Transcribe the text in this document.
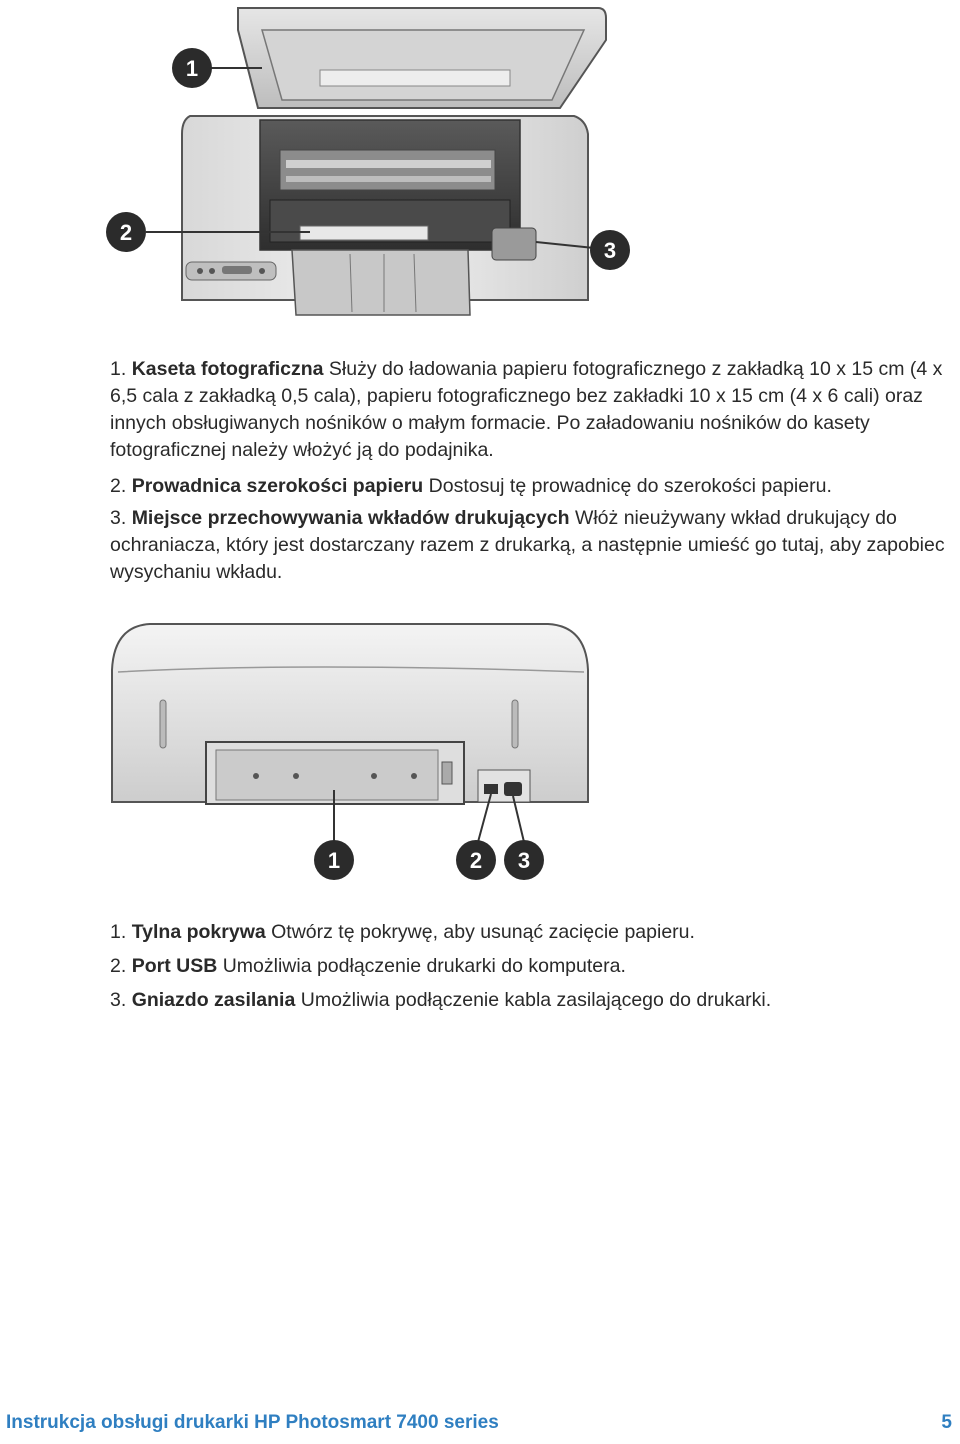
1
2
3
1. Kaseta fotograficzna Służy do ładowania papieru fotograficznego z zakładką 10 x 15 cm (4 x 6,5 cala z zakładką 0,5 cala), papieru fotograficznego bez zakładki 10 x 15 cm (4 x 6 cali) oraz innych obsługiwanych nośników o małym formacie. Po załadowaniu nośników do kasety fotograficznej należy włożyć ją do podajnika.
2. Prowadnica szerokości papieru Dostosuj tę prowadnicę do szerokości papieru.
3. Miejsce przechowywania wkładów drukujących Włóż nieużywany wkład drukujący do ochraniacza, który jest dostarczany razem z drukarką, a następnie umieść go tutaj, aby zapobiec wysychaniu wkładu.
1	2 3
1. Tylna pokrywa Otwórz tę pokrywę, aby usunąć zacięcie papieru.
2. Port USB Umożliwia podłączenie drukarki do komputera.
3. Gniazdo zasilania Umożliwia podłączenie kabla zasilającego do drukarki.
Instrukcja obsługi drukarki HP Photosmart 7400 series	5
